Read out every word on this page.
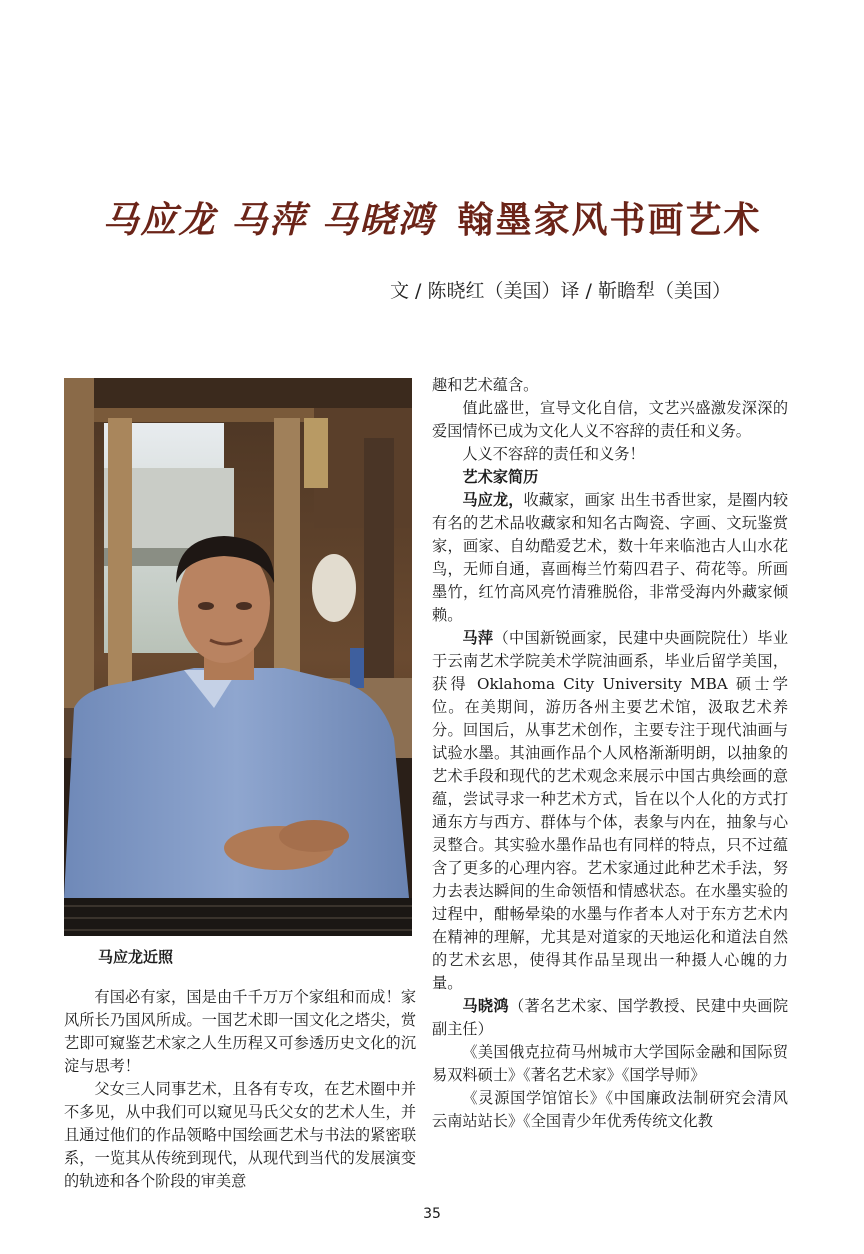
马应龙 马萍 马晓鸿 翰墨家风书画艺术

文 / 陈晓红（美国）译 / 靳瞻犁（美国）

马应龙近照

有国必有家，国是由千千万万个家组和而成！家风所长乃国风所成。一国艺术即一国文化之塔尖，赏艺即可窥鉴艺术家之人生历程又可参透历史文化的沉淀与思考！

父女三人同事艺术，且各有专攻，在艺术圈中并不多见，从中我们可以窥见马氏父女的艺术人生，并且通过他们的作品领略中国绘画艺术与书法的紧密联系，一览其从传统到现代，从现代到当代的发展演变的轨迹和各个阶段的审美意

趣和艺术蕴含。

值此盛世，宣导文化自信，文艺兴盛激发深深的爱国情怀已成为文化人义不容辞的责任和义务。

人义不容辞的责任和义务！

艺术家简历

马应龙，收藏家，画家 出生书香世家，是圈内较有名的艺术品收藏家和知名古陶瓷、字画、文玩鉴赏家，画家、自幼酷爱艺术，数十年来临池古人山水花鸟，无师自通，喜画梅兰竹菊四君子、荷花等。所画墨竹，红竹高风亮竹清雅脱俗，非常受海内外藏家倾赖。

马萍（中国新锐画家，民建中央画院院仕）毕业于云南艺术学院美术学院油画系，毕业后留学美国，获得 Oklahoma City University MBA 硕士学位。在美期间，游历各州主要艺术馆，汲取艺术养分。回国后，从事艺术创作，主要专注于现代油画与试验水墨。其油画作品个人风格渐渐明朗，以抽象的艺术手段和现代的艺术观念来展示中国古典绘画的意蕴，尝试寻求一种艺术方式，旨在以个人化的方式打通东方与西方、群体与个体，表象与内在，抽象与心灵整合。其实验水墨作品也有同样的特点，只不过蕴含了更多的心理内容。艺术家通过此种艺术手法，努力去表达瞬间的生命领悟和情感状态。在水墨实验的过程中，酣畅晕染的水墨与作者本人对于东方艺术内在精神的理解，尤其是对道家的天地运化和道法自然的艺术玄思，使得其作品呈现出一种摄人心魄的力量。

马晓鸿（著名艺术家、国学教授、民建中央画院副主任）

《美国俄克拉荷马州城市大学国际金融和国际贸易双料硕士》《著名艺术家》《国学导师》

《灵源国学馆馆长》《中国廉政法制研究会清风云南站站长》《全国青少年优秀传统文化教

35
